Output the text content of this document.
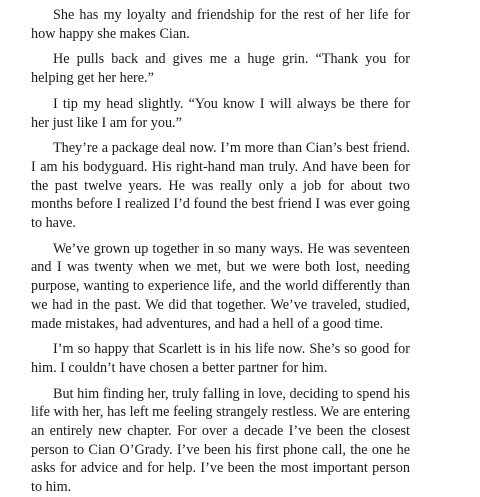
She has my loyalty and friendship for the rest of her life for how happy she makes Cian.

He pulls back and gives me a huge grin. “Thank you for helping get her here.”

I tip my head slightly. “You know I will always be there for her just like I am for you.”

They’re a package deal now. I’m more than Cian’s best friend. I am his bodyguard. His right-hand man truly. And have been for the past twelve years. He was really only a job for about two months before I realized I’d found the best friend I was ever going to have.

We’ve grown up together in so many ways. He was seventeen and I was twenty when we met, but we were both lost, needing purpose, wanting to experience life, and the world differently than we had in the past. We did that together. We’ve traveled, studied, made mistakes, had adventures, and had a hell of a good time.

I’m so happy that Scarlett is in his life now. She’s so good for him. I couldn’t have chosen a better partner for him.

But him finding her, truly falling in love, deciding to spend his life with her, has left me feeling strangely restless. We are entering an entirely new chapter. For over a decade I’ve been the closest person to Cian O’Grady. I’ve been his first phone call, the one he asks for advice and for help. I’ve been the most important person to him.
